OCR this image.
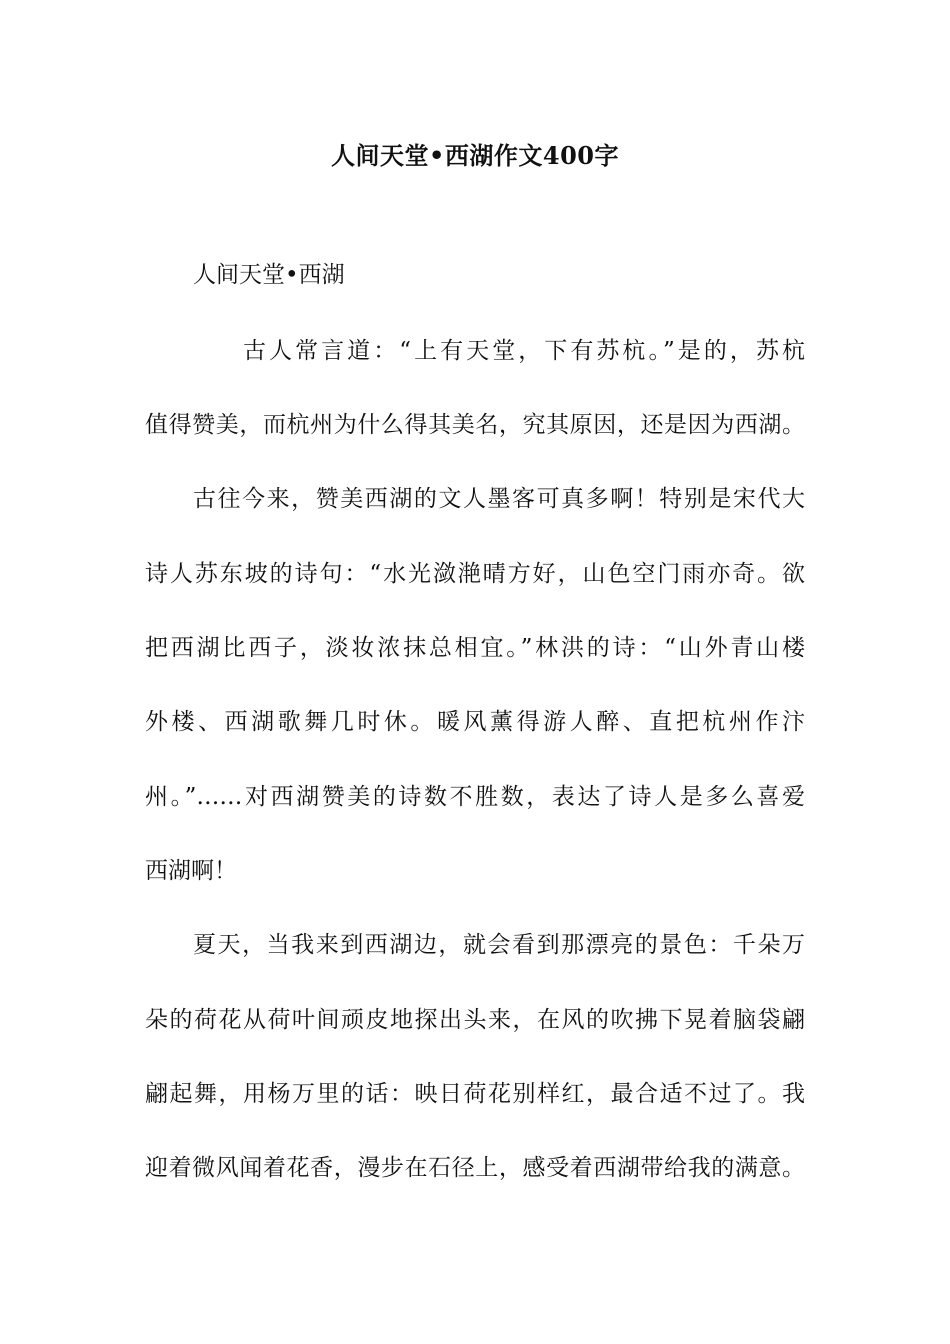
人间天堂•西湖作文400字
人间天堂•西湖
古人常言道：“上有天堂，下有苏杭。”是的，苏杭
值得赞美，而杭州为什么得其美名，究其原因，还是因为西湖。
古往今来，赞美西湖的文人墨客可真多啊！特别是宋代大
诗人苏东坡的诗句：“水光潋滟晴方好，山色空门雨亦奇。欲
把西湖比西子，淡妆浓抹总相宜。”林洪的诗：“山外青山楼
外楼、西湖歌舞几时休。暖风薰得游人醉、直把杭州作汴
州。”……对西湖赞美的诗数不胜数，表达了诗人是多么喜爱
西湖啊！
夏天，当我来到西湖边，就会看到那漂亮的景色：千朵万
朵的荷花从荷叶间顽皮地探出头来，在风的吹拂下晃着脑袋翩
翩起舞，用杨万里的话：映日荷花别样红，最合适不过了。我
迎着微风闻着花香，漫步在石径上，感受着西湖带给我的满意。
